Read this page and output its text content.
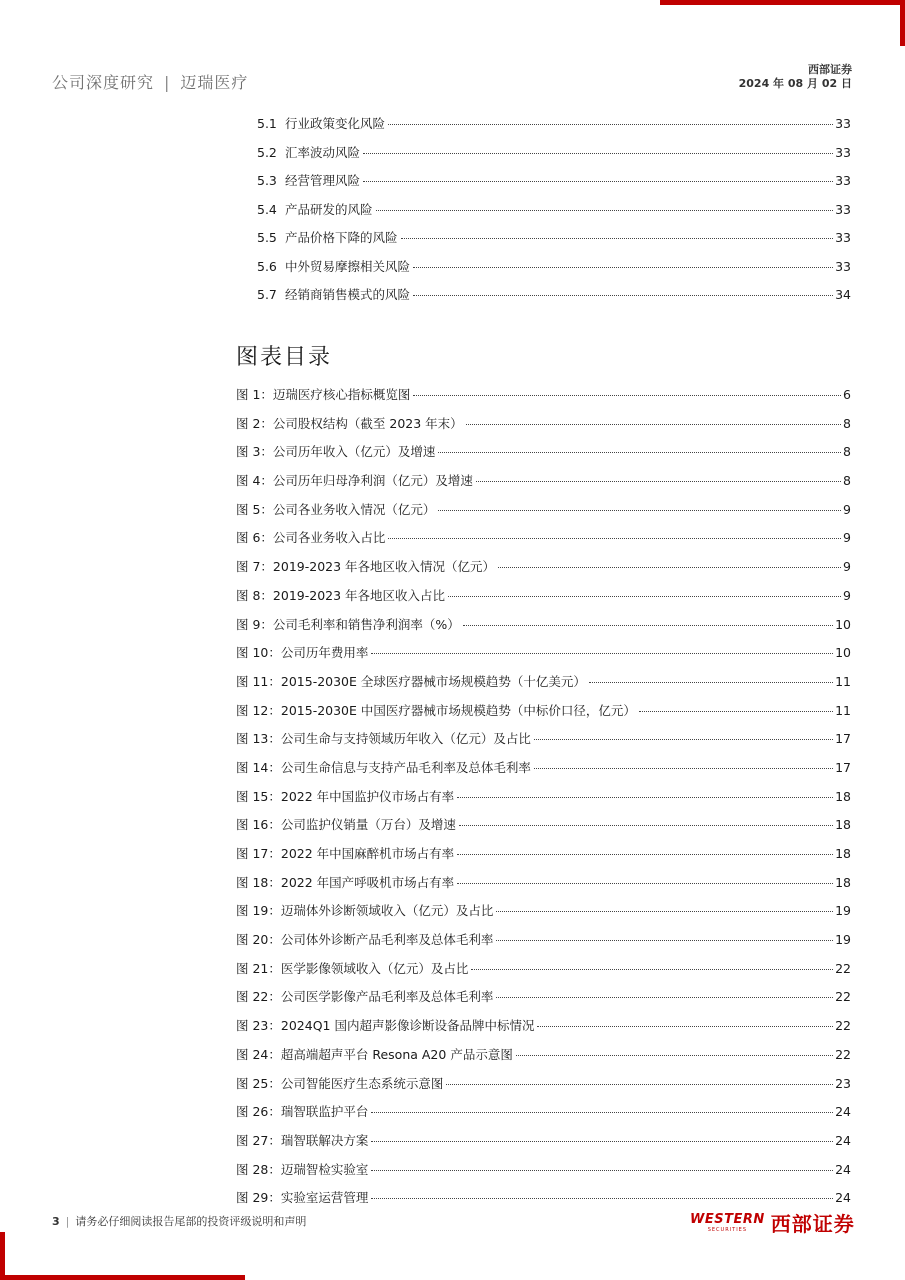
公司深度研究 | 迈瑞医疗
西部证券
2024 年 08 月 02 日
5.1 行业政策变化风险	33
5.2 汇率波动风险	33
5.3 经营管理风险	33
5.4 产品研发的风险	33
5.5 产品价格下降的风险	33
5.6 中外贸易摩擦相关风险	33
5.7 经销商销售模式的风险	34
图表目录
图 1：迈瑞医疗核心指标概览图	6
图 2：公司股权结构（截至 2023 年末）	8
图 3：公司历年收入（亿元）及增速	8
图 4：公司历年归母净利润（亿元）及增速	8
图 5：公司各业务收入情况（亿元）	9
图 6：公司各业务收入占比	9
图 7：2019-2023 年各地区收入情况（亿元）	9
图 8：2019-2023 年各地区收入占比	9
图 9：公司毛利率和销售净利润率（%）	10
图 10：公司历年费用率	10
图 11：2015-2030E 全球医疗器械市场规模趋势（十亿美元）	11
图 12：2015-2030E 中国医疗器械市场规模趋势（中标价口径，亿元）	11
图 13：公司生命与支持领域历年收入（亿元）及占比	17
图 14：公司生命信息与支持产品毛利率及总体毛利率	17
图 15：2022 年中国监护仪市场占有率	18
图 16：公司监护仪销量（万台）及增速	18
图 17：2022 年中国麻醉机市场占有率	18
图 18：2022 年国产呼吸机市场占有率	18
图 19：迈瑞体外诊断领域收入（亿元）及占比	19
图 20：公司体外诊断产品毛利率及总体毛利率	19
图 21：医学影像领域收入（亿元）及占比	22
图 22：公司医学影像产品毛利率及总体毛利率	22
图 23：2024Q1 国内超声影像诊断设备品牌中标情况	22
图 24：超高端超声平台 Resona A20 产品示意图	22
图 25：公司智能医疗生态系统示意图	23
图 26：瑞智联监护平台	24
图 27：瑞智联解决方案	24
图 28：迈瑞智检实验室	24
图 29：实验室运营管理	24
3 | 请务必仔细阅读报告尾部的投资评级说明和声明	WESTERN
SECURITIES 西部证券
